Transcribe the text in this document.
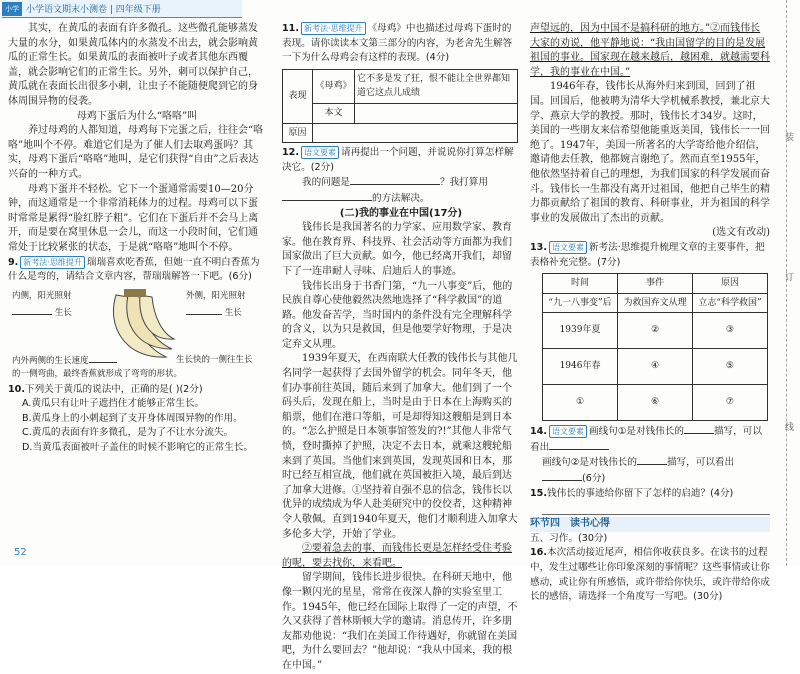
小学 小学语文期末小测卷 | 四年级下册

其实，在黄瓜的表面有许多微孔。这些微孔能够蒸发大量的水分，如果黄瓜体内的水蒸发不出去，就会影响黄瓜的正常生长。如果黄瓜的表面被叶子或者其他东西覆盖，就会影响它们的正常生长。另外，刺可以保护自己，黄瓜就在表面长出很多小刺，让虫子不能随便爬到它的身体周围异物的侵袭。

母鸡下蛋后为什么“咯咯”叫

养过母鸡的人都知道，母鸡每下完蛋之后，往往会“咯咯”地叫个不停。难道它们是为了催人们去取鸡蛋吗？其实，母鸡下蛋后“咯咯”地叫，是它们获得“自由”之后表达兴奋的一种方式。

母鸡下蛋并不轻松。它下一个蛋通常需要10—20分钟，而这通常是一个非常消耗体力的过程。母鸡可以下蛋时常常是累得“脸红脖子粗”。它们在下蛋后并不会马上离开，而是要在窝里休息一会儿，而这一小段时间，它们通常处于比较紧张的状态，于是就“咯咯”地叫个不停。

9. 新考法·思维提升 瑞瑞喜欢吃香蕉，但她一直不明白香蕉为什么是弯的，请结合文章内容，帮瑞瑞解答一下吧。(6分)
内侧，阳光照射
生长
外侧，阳光照射
生长
内外两侧的生长速度	生长快的一侧往生长
的一侧弯曲，最终香蕉就形成了弯弯的形状。
10.下列关于黄瓜的说法中，正确的是( )(2分)
A.黄瓜只有让叶子遮挡住才能够正常生长。
B.黄瓜身上的小刺起到了支开身体周围异物的作用。
C.黄瓜的表面有许多微孔，是为了不让水分流失。
D.当黄瓜表面被叶子盖住的时候不影响它的正常生长。
11. 新考法·思维提升 《母鸡》中也描述过母鸡下蛋时的表现。请你读读本文第三部分的内容，为老舍先生解答一下为什么母鸡会有这样的表现。(4分)
表现	《母鸡》	它不多是发了狂，恨不能让全世界都知道它这点儿成绩
	本文	
原因		
12. 语文要素 请再提出一个问题，并说说你打算怎样解决它。(2分)
我的问题是	？我打算用
的方法解决。

(二)我的事业在中国(17分)

钱伟长是我国著名的力学家、应用数学家、教育家。他在教育界、科技界、社会活动等方面都为我们国家做出了巨大贡献。如今，他已经离开我们，却留下了一连串耐人寻味、启迪后人的事迹。

钱伟长出身于书香门第，“九一八事变”后，他的民族自尊心使他毅然决然地选择了“科学救国”的道路。他发奋苦学，当时国内的条件没有完全理解科学的含义，以为只是救国，但是他要学好物理，于是决定弃文从理。

1939年夏天，在西南联大任教的钱伟长与其他几名同学一起获得了去国外留学的机会。同年冬天，他们办事前往英国，随后来到了加拿大。他们到了一个码头后，发现在船上，当时是由于日本在上海购买的船票，他们在港口等船，可是却得知这艘船是到日本的。“怎么护照是日本领事馆签发的?!”其他人非常气愤，登时撕掉了护照，决定不去日本，就乘这艘轮船来到了英国。当他们来到英国，发现英国和日本，那时已经互相宣战，他们就在英国被拒入境，最后到达了加拿大进修。①坚持着自强不息的信念，钱伟长以优异的成绩成为华人赴美研究中的佼佼者，这种精神令人敬佩。直到1940年夏天，他们才顺利进入加拿大多伦多大学，开始了学业。

②要着急去的事，而钱伟长更是怎样经受住考验的呢，要去找你，来看吧。

留学期间，钱伟长进步很快。在科研天地中，他像一颗闪光的星星，常常在夜深人静的实验室里工作。1945年，他已经在国际上取得了一定的声望，不久又获得了普林斯顿大学的邀请。消息传开，许多朋友都劝他说：“我们在美国工作待遇好，你就留在美国吧，为什么要回去？”他却说：“我从中国来，我的根在中国。”

声望远的，因为中国不是搞科研的地方。”②而钱伟长大家的劝说，他平静地说：“我由国留学的目的是发展祖国的事业。国家现在越来越后，越困难，就越需要科学，我的事业在中国。”

1946年春，钱伟长从海外归来到国，回到了祖国。回国后，他被聘为清华大学机械系教授，兼北京大学、燕京大学的教授。那时，钱伟长才34岁。这时，美国的一些朋友来信希望他能重返美国，钱伟长一一回绝了。1947年，美国一所著名的大学寄给他介绍信，邀请他去任教，他都婉言谢绝了。然而直至1955年，他依然坚持着自己的理想，为我们国家的科学发展而奋斗。钱伟长一生都没有离开过祖国，他把自己毕生的精力都贡献给了祖国的教育、科研事业，并为祖国的科学事业的发展做出了杰出的贡献。

(选文有改动)

13. 语文要素 新考法·思维提升梳理文章的主要事件，把表格补充完整。(7分)
时间	事件	原因
“九一八事变”后	为救国弃文从理	立志“科学救国”
1939年夏	②	③
1946年春	④	⑤
①	⑥	⑦
14. 语文要素 画线句①是对钱伟长的	描写，可以看出
画线句②是对钱伟长的	描写，可以看出(6分)
15.钱伟长的事迹给你留下了怎样的启迪？(4分)
环节四　读书心得
五、习作。(30分)
16.本次活动接近尾声，相信你收获良多。在读书的过程中，发生过哪些让你印象深刻的事情呢？这些事情或让你感动，或让你有所感悟，或许带给你快乐，或许带给你成长的感悟，请选择一个角度写一写吧。(30分)
装
订
线
52
